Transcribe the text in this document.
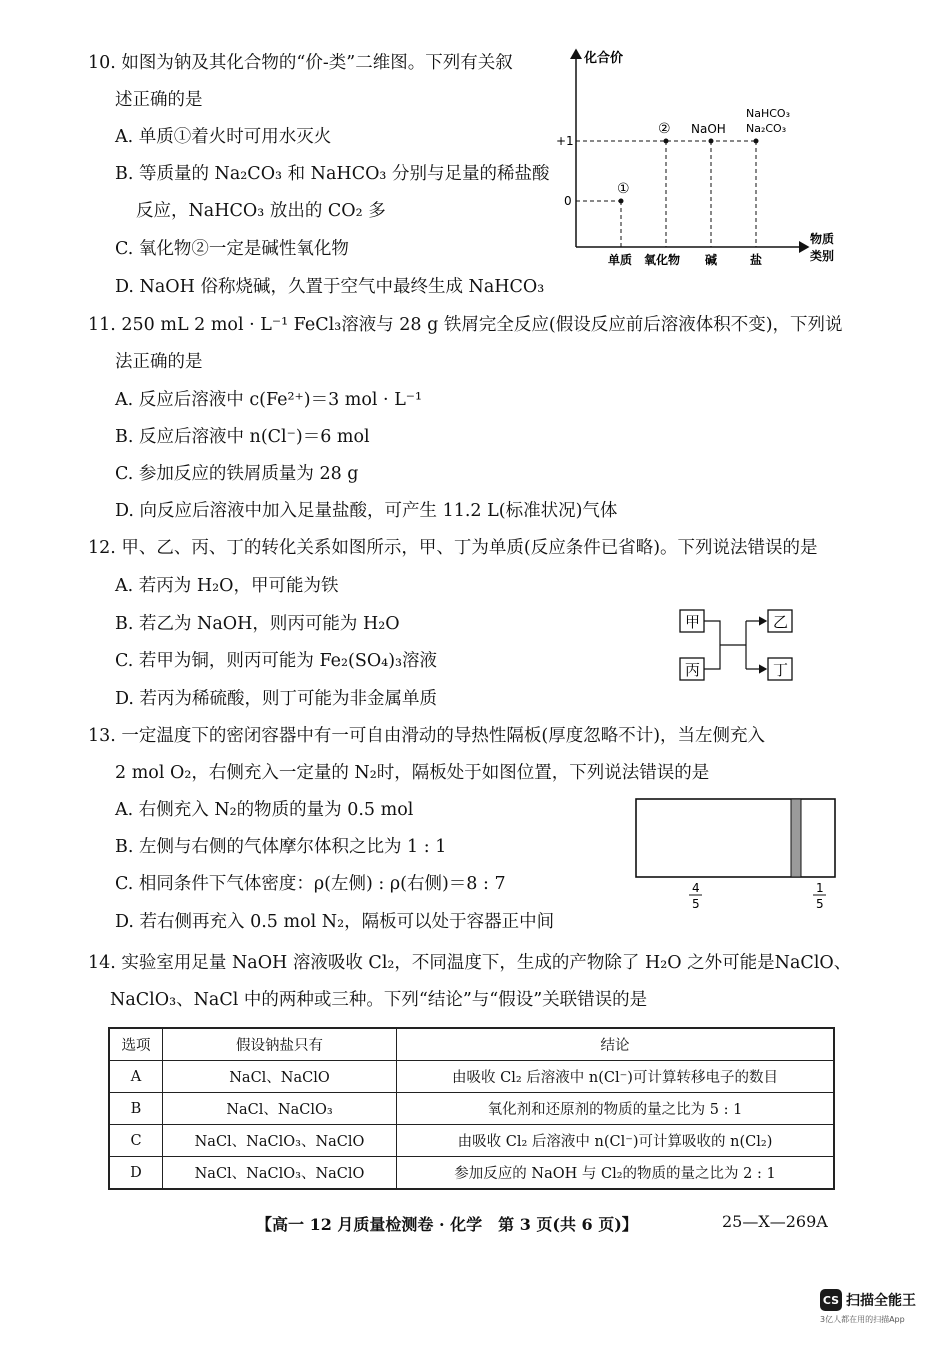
10. 如图为钠及其化合物的“价-类”二维图。下列有关叙
述正确的是
A. 单质①着火时可用水灭火
B. 等质量的 Na₂CO₃ 和 NaHCO₃ 分别与足量的稀盐酸
反应，NaHCO₃ 放出的 CO₂ 多
C. 氧化物②一定是碱性氧化物
D. NaOH 俗称烧碱，久置于空气中最终生成 NaHCO₃
化合价
物质
类别
+1
0
①
② NaOH
NaHCO₃
Na₂CO₃
单质 氧化物 碱	盐
11. 250 mL 2 mol · L⁻¹ FeCl₃溶液与 28 g 铁屑完全反应(假设反应前后溶液体积不变)，下列说
法正确的是
A. 反应后溶液中 c(Fe²⁺)＝3 mol · L⁻¹
B. 反应后溶液中 n(Cl⁻)＝6 mol
C. 参加反应的铁屑质量为 28 g
D. 向反应后溶液中加入足量盐酸，可产生 11.2 L(标准状况)气体
12. 甲、乙、丙、丁的转化关系如图所示，甲、丁为单质(反应条件已省略)。下列说法错误的是
A. 若丙为 H₂O，甲可能为铁
B. 若乙为 NaOH，则丙可能为 H₂O
C. 若甲为铜，则丙可能为 Fe₂(SO₄)₃溶液
D. 若丙为稀硫酸，则丁可能为非金属单质
甲
丙
乙
丁
13. 一定温度下的密闭容器中有一可自由滑动的导热性隔板(厚度忽略不计)，当左侧充入
2 mol O₂，右侧充入一定量的 N₂时，隔板处于如图位置，下列说法错误的是
A. 右侧充入 N₂的物质的量为 0.5 mol
B. 左侧与右侧的气体摩尔体积之比为 1 : 1
C. 相同条件下气体密度：ρ(左侧) : ρ(右侧)＝8 : 7
D. 若右侧再充入 0.5 mol N₂，隔板可以处于容器正中间
4
5
1
5
14. 实验室用足量 NaOH 溶液吸收 Cl₂，不同温度下，生成的产物除了 H₂O 之外可能是NaClO、
NaClO₃、NaCl 中的两种或三种。下列“结论”与“假设”关联错误的是
选项	假设钠盐只有	结论
A	NaCl、NaClO	由吸收 Cl₂ 后溶液中 n(Cl⁻)可计算转移电子的数目
B	NaCl、NaClO₃	氧化剂和还原剂的物质的量之比为 5 : 1
C	NaCl、NaClO₃、NaClO	由吸收 Cl₂ 后溶液中 n(Cl⁻)可计算吸收的 n(Cl₂)
D	NaCl、NaClO₃、NaClO	参加反应的 NaOH 与 Cl₂的物质的量之比为 2 : 1
【高一 12 月质量检测卷 · 化学　第 3 页(共 6 页)】	25—X—269A
CS 扫描全能王
3亿人都在用的扫描App
